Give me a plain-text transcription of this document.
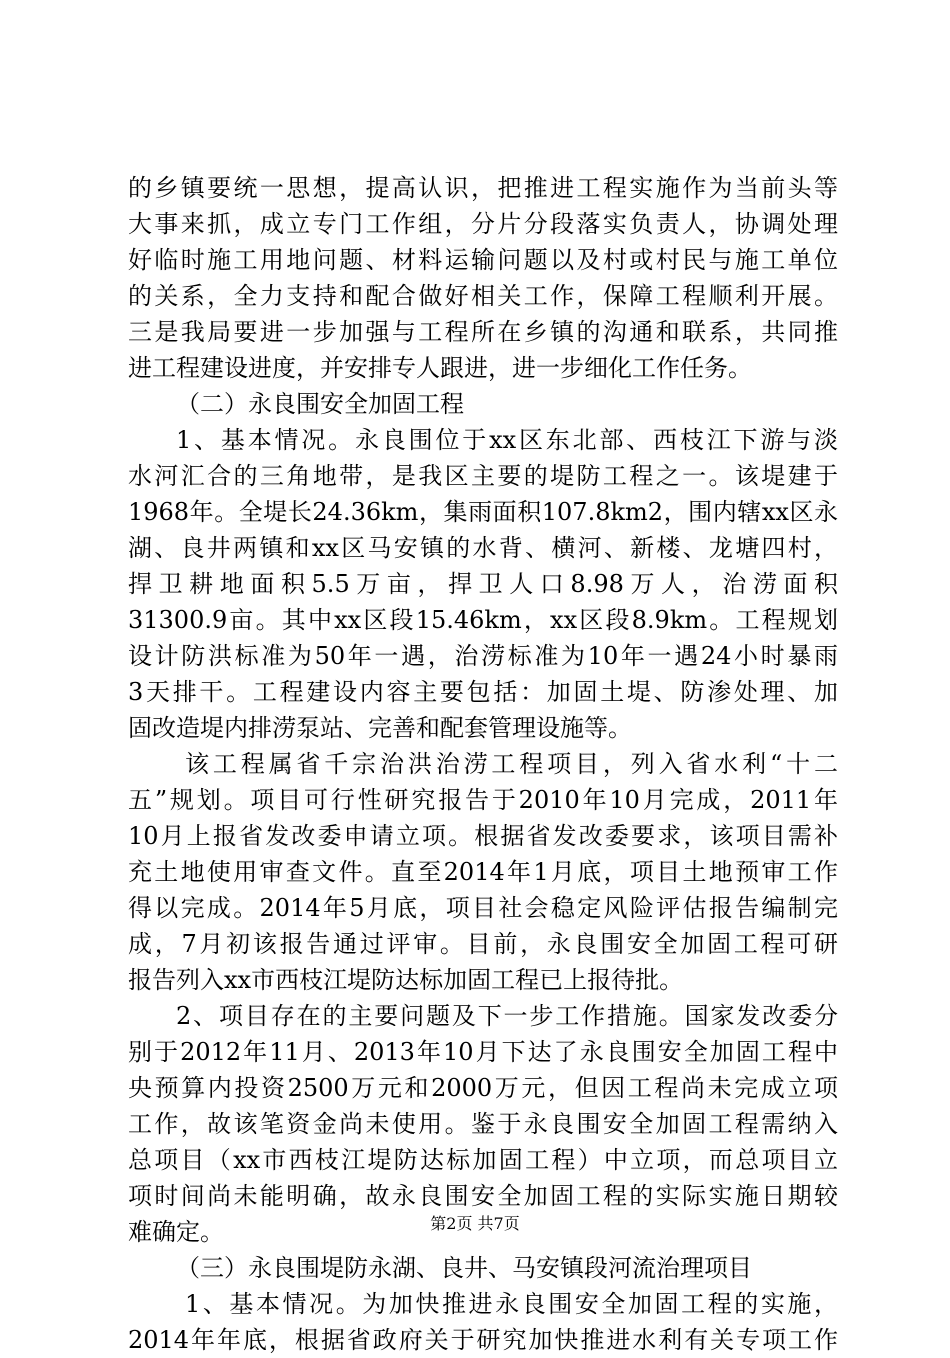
的乡镇要统一思想，提高认识，把推进工程实施作为当前头等
大事来抓，成立专门工作组，分片分段落实负责人，协调处理
好临时施工用地问题、材料运输问题以及村或村民与施工单位
的关系，全力支持和配合做好相关工作，保障工程顺利开展。
三是我局要进一步加强与工程所在乡镇的沟通和联系，共同推
进工程建设进度，并安排专人跟进，进一步细化工作任务。
（二）永良围安全加固工程
1、基本情况。永良围位于xx区东北部、西枝江下游与淡
水河汇合的三角地带，是我区主要的堤防工程之一。该堤建于
1968年。全堤长24.36km，集雨面积107.8km2，围内辖xx区永
湖、良井两镇和xx区马安镇的水背、横河、新楼、龙塘四村，
捍卫耕地面积5.5万亩，捍卫人口8.98万人，治涝面积
31300.9亩。其中xx区段15.46km，xx区段8.9km。工程规划
设计防洪标准为50年一遇，治涝标准为10年一遇24小时暴雨
3天排干。工程建设内容主要包括：加固土堤、防渗处理、加
固改造堤内排涝泵站、完善和配套管理设施等。
该工程属省千宗治洪治涝工程项目，列入省水利“十二
五”规划。项目可行性研究报告于2010年10月完成，2011年
10月上报省发改委申请立项。根据省发改委要求，该项目需补
充土地使用审查文件。直至2014年1月底，项目土地预审工作
得以完成。2014年5月底，项目社会稳定风险评估报告编制完
成，7月初该报告通过评审。目前，永良围安全加固工程可研
报告列入xx市西枝江堤防达标加固工程已上报待批。
2、项目存在的主要问题及下一步工作措施。国家发改委分
别于2012年11月、2013年10月下达了永良围安全加固工程中
央预算内投资2500万元和2000万元，但因工程尚未完成立项
工作，故该笔资金尚未使用。鉴于永良围安全加固工程需纳入
总项目（xx市西枝江堤防达标加固工程）中立项，而总项目立
项时间尚未能明确，故永良围安全加固工程的实际实施日期较
难确定。
（三）永良围堤防永湖、良井、马安镇段河流治理项目
1、基本情况。为加快推进永良围安全加固工程的实施，
2014年年底，根据省政府关于研究加快推进水利有关专项工作
第2页 共7页
